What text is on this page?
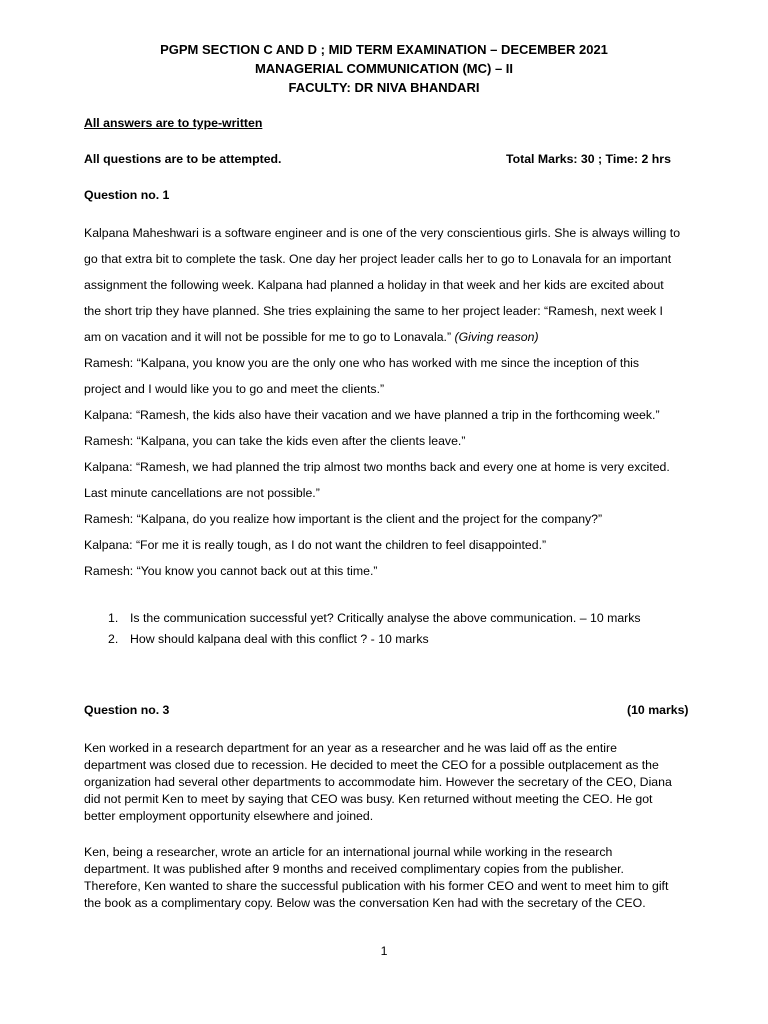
PGPM SECTION C AND D ; MID TERM EXAMINATION – DECEMBER 2021
MANAGERIAL COMMUNICATION (MC) – II
FACULTY: DR NIVA BHANDARI
All answers are to type-written
All questions are to be attempted.	Total Marks: 30 ; Time: 2 hrs
Question no. 1
Kalpana Maheshwari is a software engineer and is one of the very conscientious girls. She is always willing to
go that extra bit to complete the task. One day her project leader calls her to go to Lonavala for an important
assignment the following week. Kalpana had planned a holiday in that week and her kids are excited about
the short trip they have planned. She tries explaining the same to her project leader: “Ramesh, next week I
am on vacation and it will not be possible for me to go to Lonavala.” (Giving reason)
Ramesh: “Kalpana, you know you are the only one who has worked with me since the inception of this
project and I would like you to go and meet the clients.”
Kalpana: “Ramesh, the kids also have their vacation and we have planned a trip in the forthcoming week.”
Ramesh: “Kalpana, you can take the kids even after the clients leave.”
Kalpana: “Ramesh, we had planned the trip almost two months back and every one at home is very excited.
Last minute cancellations are not possible.”
Ramesh: “Kalpana, do you realize how important is the client and the project for the company?”
Kalpana: “For me it is really tough, as I do not want the children to feel disappointed.”
Ramesh: “You know you cannot back out at this time.”
1. Is the communication successful yet? Critically analyse the above communication. – 10 marks
2. How should kalpana deal with this conflict ? - 10 marks
Question no. 3	(10 marks)
Ken worked in a research department for an year as a researcher and he was laid off as the entire
department was closed due to recession. He decided to meet the CEO for a possible outplacement as the
organization had several other departments to accommodate him. However the secretary of the CEO, Diana
did not permit Ken to meet by saying that CEO was busy. Ken returned without meeting the CEO. He got
better employment opportunity elsewhere and joined.
Ken, being a researcher, wrote an article for an international journal while working in the research
department. It was published after 9 months and received complimentary copies from the publisher.
Therefore, Ken wanted to share the successful publication with his former CEO and went to meet him to gift
the book as a complimentary copy. Below was the conversation Ken had with the secretary of the CEO.
1
